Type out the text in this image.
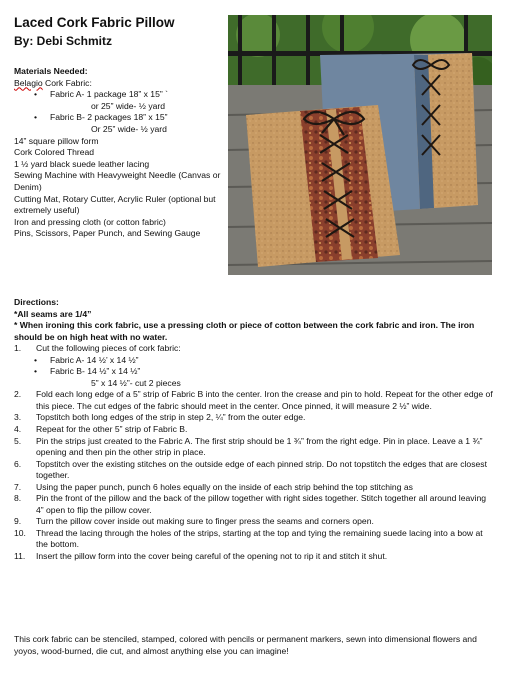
Laced Cork Fabric Pillow
By: Debi Schmitz
Materials Needed:
Belagio Cork Fabric:
• Fabric A- 1 package 18” x 15” `
or 25” wide- ½ yard
• Fabric B- 2 packages 18” x 15”
Or 25” wide- ½ yard
14” square pillow form
Cork Colored Thread
1 ½ yard black suede leather lacing
Sewing Machine with Heavyweight Needle (Canvas or Denim)
Cutting Mat, Rotary Cutter, Acrylic Ruler (optional but extremely useful)
Iron and pressing cloth (or cotton fabric)
Pins, Scissors, Paper Punch, and Sewing Gauge
Directions:
*All seams are 1/4”
* When ironing this cork fabric, use a pressing cloth or piece of cotton between the cork fabric and iron. The iron should be on high heat with no water.
1. Cut the following pieces of cork fabric:
• Fabric A- 14 ½’ x 14 ½”
• Fabric B- 14 ½” x 14 ½”
5” x 14 ½”- cut 2 pieces
2. Fold each long edge of a 5” strip of Fabric B into the center. Iron the crease and pin to hold. Repeat for the other edge of this piece. The cut edges of the fabric should meet in the center. Once pinned, it will measure 2 ½” wide.
3. Topstitch both long edges of the strip in step 2, ¼” from the outer edge.
4. Repeat for the other 5” strip of Fabric B.
5. Pin the strips just created to the Fabric A. The first strip should be 1 ¾” from the right edge. Pin in place. Leave a 1 ¾” opening and then pin the other strip in place.
6. Topstitch over the existing stitches on the outside edge of each pinned strip. Do not topstitch the edges that are closest together.
7. Using the paper punch, punch 6 holes equally on the inside of each strip behind the top stitching as
8. Pin the front of the pillow and the back of the pillow together with right sides together. Stitch together all around leaving 4” open to flip the pillow cover.
9. Turn the pillow cover inside out making sure to finger press the seams and corners open.
10. Thread the lacing through the holes of the strips, starting at the top and tying the remaining suede lacing into a bow at the bottom.
11. Insert the pillow form into the cover being careful of the opening not to rip it and stitch it shut.
This cork fabric can be stenciled, stamped, colored with pencils or permanent markers, sewn into dimensional flowers and yoyos, wood-burned, die cut, and almost anything else you can imagine!
